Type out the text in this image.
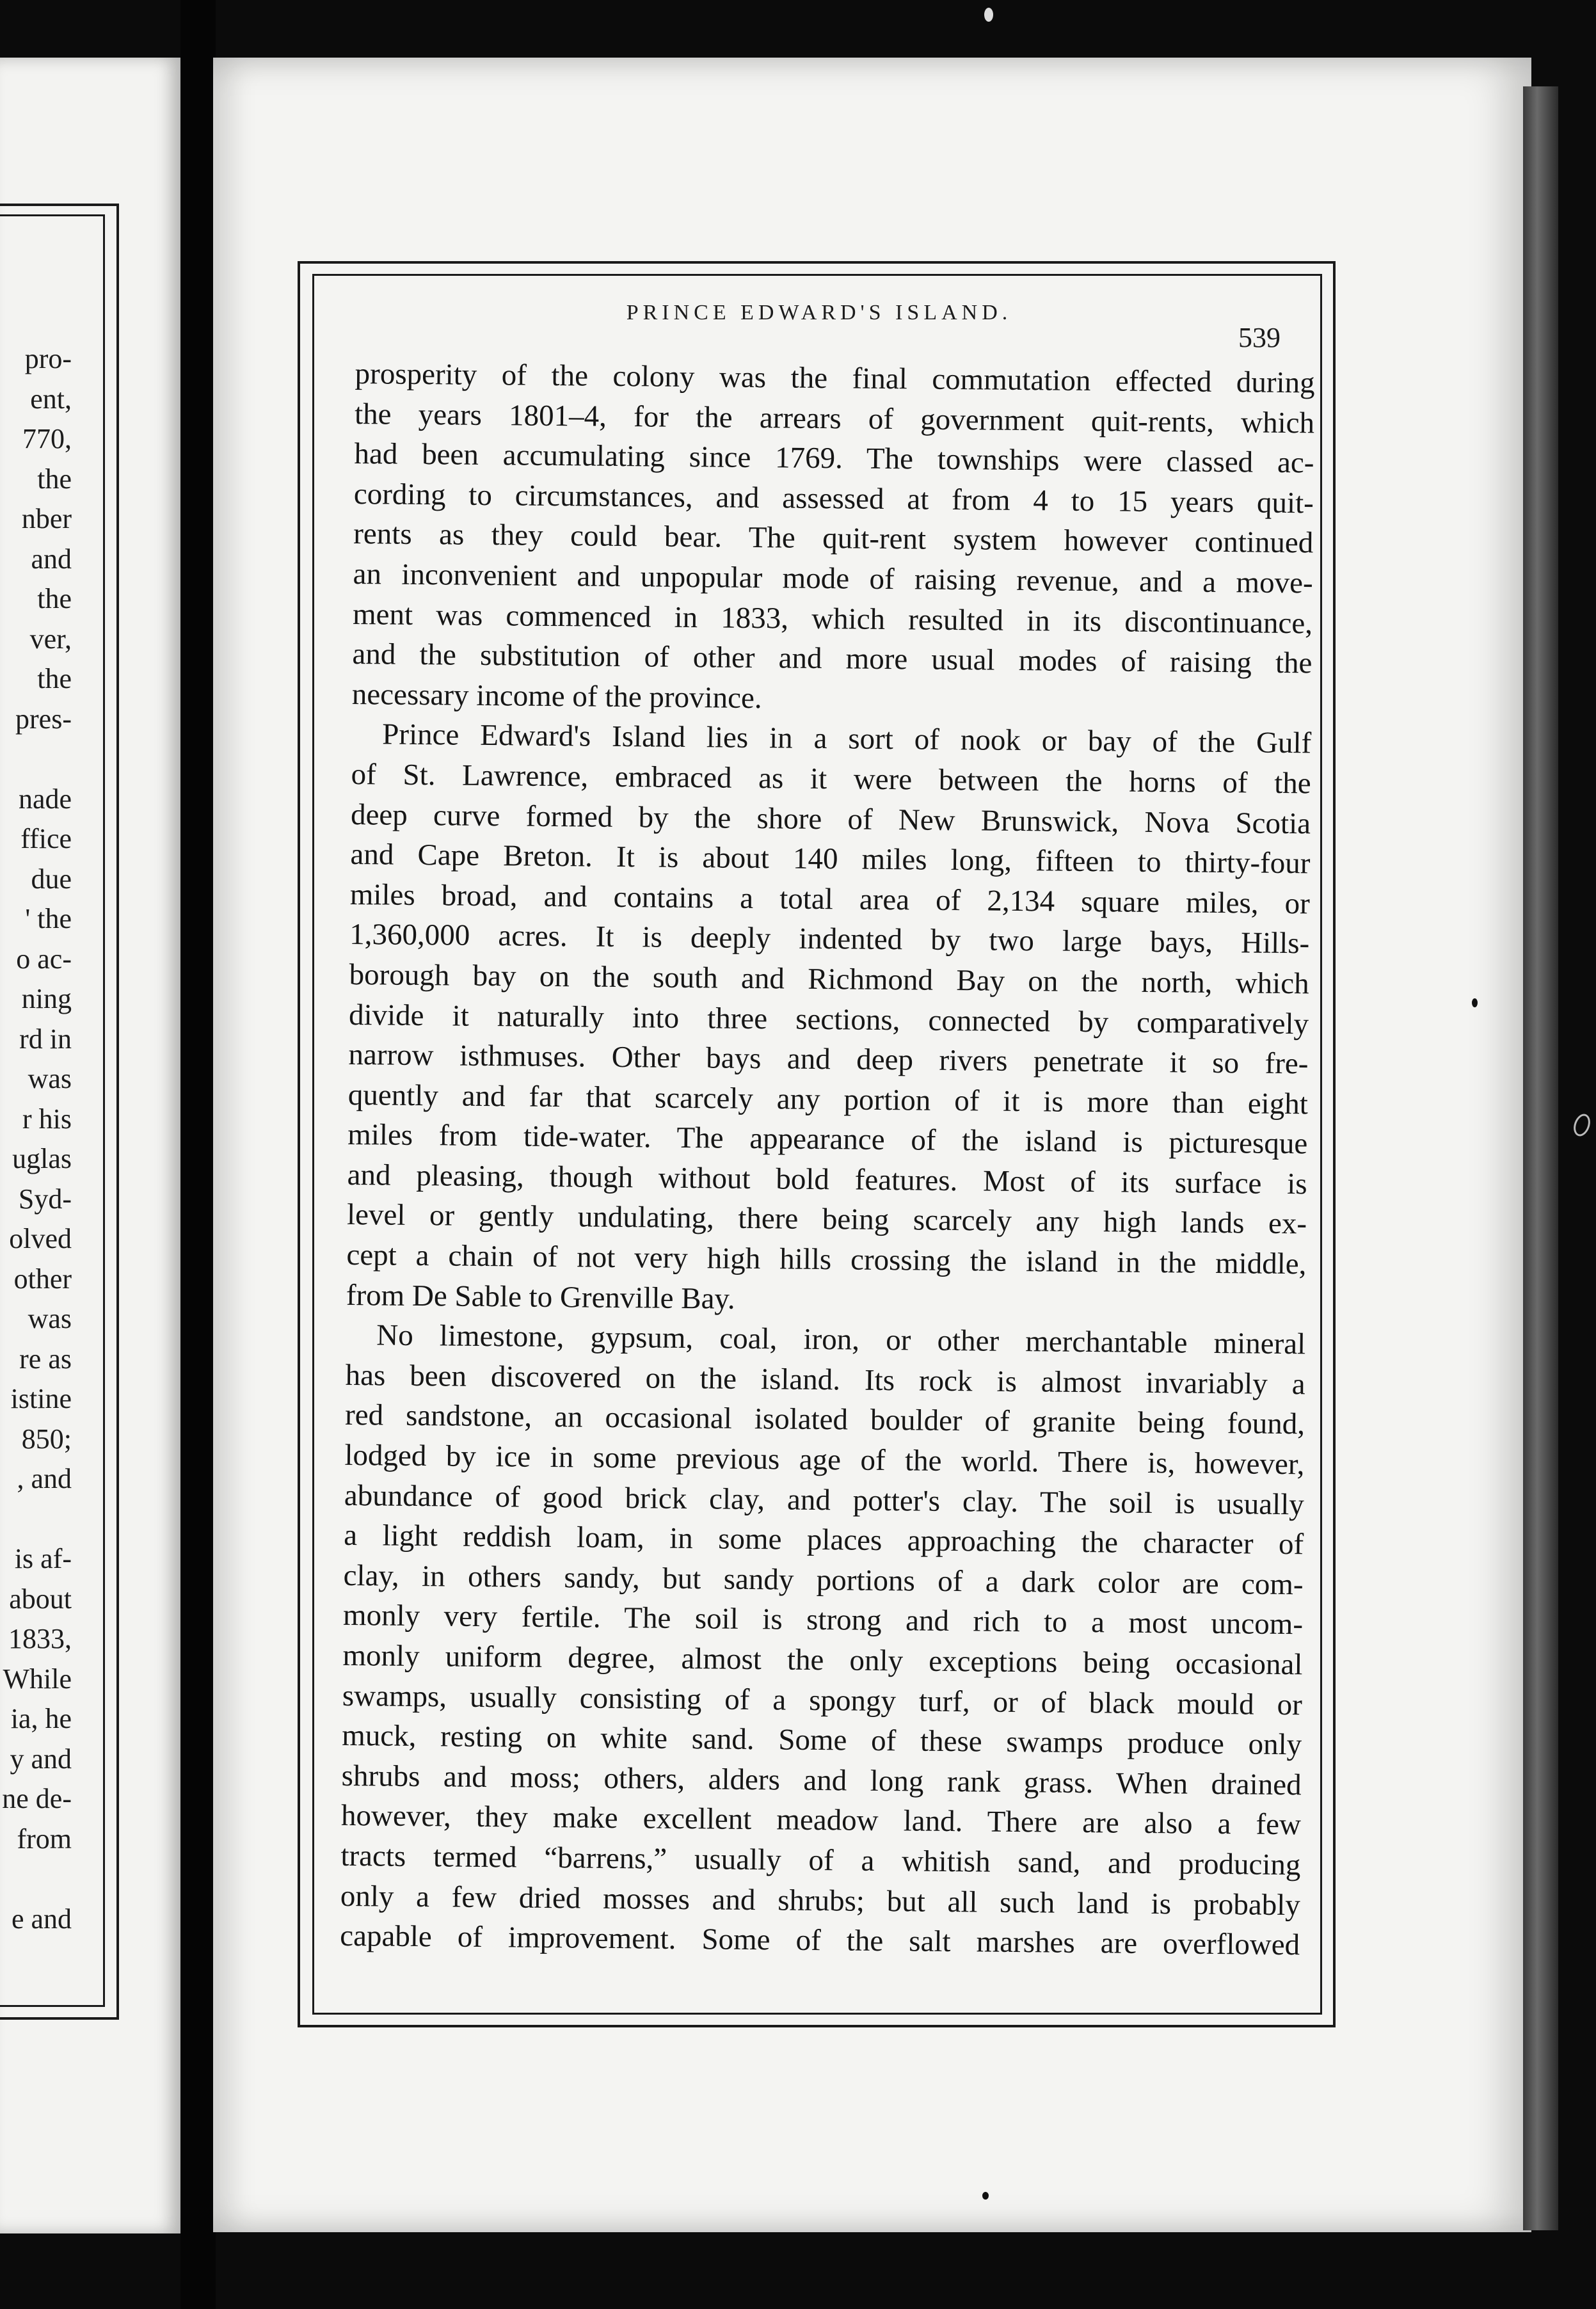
pro-
ent,
770,
the
nber
and
the
ver,
the
pres-
nade
ffice
due
' the
o ac-
ning
rd in
was
r his
uglas
Syd-
olved
other
was
re as
istine
850;
, and
is af-
about
1833,
While
ia, he
y and
ne de-
from
e and
PRINCE EDWARD'S ISLAND.
539

prosperity of the colony was the final commutation effected during
the years 1801–4, for the arrears of government quit-rents, which
had been accumulating since 1769. The townships were classed ac-
cording to circumstances, and assessed at from 4 to 15 years quit-
rents as they could bear. The quit-rent system however continued
an inconvenient and unpopular mode of raising revenue, and a move-
ment was commenced in 1833, which resulted in its discontinuance,
and the substitution of other and more usual modes of raising the
necessary income of the province.

Prince Edward's Island lies in a sort of nook or bay of the Gulf
of St. Lawrence, embraced as it were between the horns of the
deep curve formed by the shore of New Brunswick, Nova Scotia
and Cape Breton. It is about 140 miles long, fifteen to thirty-four
miles broad, and contains a total area of 2,134 square miles, or
1,360,000 acres. It is deeply indented by two large bays, Hills-
borough bay on the south and Richmond Bay on the north, which
divide it naturally into three sections, connected by comparatively
narrow isthmuses. Other bays and deep rivers penetrate it so fre-
quently and far that scarcely any portion of it is more than eight
miles from tide-water. The appearance of the island is picturesque
and pleasing, though without bold features. Most of its surface is
level or gently undulating, there being scarcely any high lands ex-
cept a chain of not very high hills crossing the island in the middle,
from De Sable to Grenville Bay.

No limestone, gypsum, coal, iron, or other merchantable mineral
has been discovered on the island. Its rock is almost invariably a
red sandstone, an occasional isolated boulder of granite being found,
lodged by ice in some previous age of the world. There is, however,
abundance of good brick clay, and potter's clay. The soil is usually
a light reddish loam, in some places approaching the character of
clay, in others sandy, but sandy portions of a dark color are com-
monly very fertile. The soil is strong and rich to a most uncom-
monly uniform degree, almost the only exceptions being occasional
swamps, usually consisting of a spongy turf, or of black mould or
muck, resting on white sand. Some of these swamps produce only
shrubs and moss; others, alders and long rank grass. When drained
however, they make excellent meadow land. There are also a few
tracts termed “barrens,” usually of a whitish sand, and producing
only a few dried mosses and shrubs; but all such land is probably
capable of improvement. Some of the salt marshes are overflowed
